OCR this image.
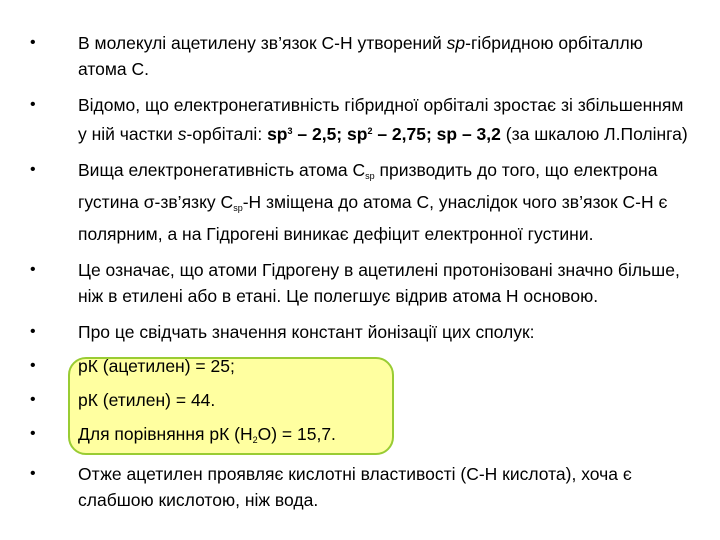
• В молекулі ацетилену зв’язок С-Н утворений sp-гібридною орбіталлю атома С.
• Відомо, що електронегативність гібридної орбіталі зростає зі збільшенням у ній частки s-орбіталі: $sp^3 - 2,5$; $sp^2 - 2,75$; sp – 3,2 (за шкалою Л.Полінга)
• Вища електронегативність атома $С_{sp}$ призводить до того, що електрона густина σ-зв’язку $С_{sp}-Н$ зміщена до атома С, унаслідок чого зв’язок С-Н є полярним, а на Гідрогені виникає дефіцит електронної густини.
• Це означає, що атоми Гідрогену в ацетилені протонізовані значно більше, ніж в етилені або в етані. Це полегшує відрив атома Н основою.
• Про це свідчать значення констант йонізації цих сполук:
• рК (ацетилен) = 25;
• рК (етилен) = 44.
• Для порівняння рК $(Н_2О) = 15,7$.
• Отже ацетилен проявляє кислотні властивості (С-Н кислота), хоча є слабшою кислотою, ніж вода.
